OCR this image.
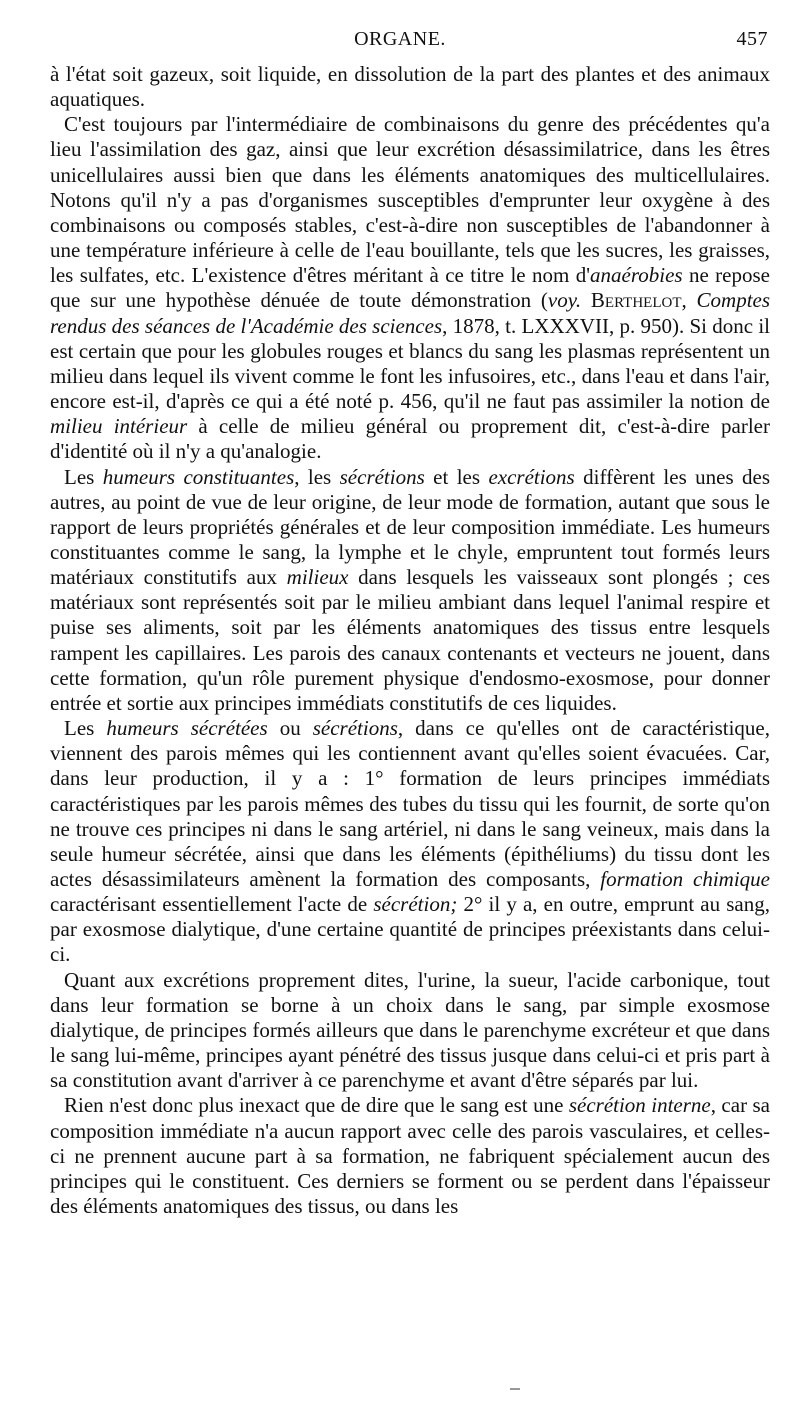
ORGANE.	457

à l'état soit gazeux, soit liquide, en dissolution de la part des plantes et des animaux aquatiques.

C'est toujours par l'intermédiaire de combinaisons du genre des précédentes qu'a lieu l'assimilation des gaz, ainsi que leur excrétion désassimilatrice, dans les êtres unicellulaires aussi bien que dans les éléments anatomiques des multicellulaires. Notons qu'il n'y a pas d'organismes susceptibles d'emprunter leur oxygène à des combinaisons ou composés stables, c'est-à-dire non susceptibles de l'abandonner à une température inférieure à celle de l'eau bouillante, tels que les sucres, les graisses, les sulfates, etc. L'existence d'êtres méritant à ce titre le nom d'anaérobies ne repose que sur une hypothèse dénuée de toute démonstration (voy. Berthelot, Comptes rendus des séances de l'Académie des sciences, 1878, t. LXXXVII, p. 950). Si donc il est certain que pour les globules rouges et blancs du sang les plasmas représentent un milieu dans lequel ils vivent comme le font les infusoires, etc., dans l'eau et dans l'air, encore est-il, d'après ce qui a été noté p. 456, qu'il ne faut pas assimiler la notion de milieu intérieur à celle de milieu général ou proprement dit, c'est-à-dire parler d'identité où il n'y a qu'analogie.

Les humeurs constituantes, les sécrétions et les excrétions diffèrent les unes des autres, au point de vue de leur origine, de leur mode de formation, autant que sous le rapport de leurs propriétés générales et de leur composition immédiate. Les humeurs constituantes comme le sang, la lymphe et le chyle, empruntent tout formés leurs matériaux constitutifs aux milieux dans lesquels les vaisseaux sont plongés ; ces matériaux sont représentés soit par le milieu ambiant dans lequel l'animal respire et puise ses aliments, soit par les éléments anatomiques des tissus entre lesquels rampent les capillaires. Les parois des canaux contenants et vecteurs ne jouent, dans cette formation, qu'un rôle purement physique d'endosmo-exosmose, pour donner entrée et sortie aux principes immédiats constitutifs de ces liquides.

Les humeurs sécrétées ou sécrétions, dans ce qu'elles ont de caractéristique, viennent des parois mêmes qui les contiennent avant qu'elles soient évacuées. Car, dans leur production, il y a : 1° formation de leurs principes immédiats caractéristiques par les parois mêmes des tubes du tissu qui les fournit, de sorte qu'on ne trouve ces principes ni dans le sang artériel, ni dans le sang veineux, mais dans la seule humeur sécrétée, ainsi que dans les éléments (épithéliums) du tissu dont les actes désassimilateurs amènent la formation des composants, formation chimique caractérisant essentiellement l'acte de sécrétion; 2° il y a, en outre, emprunt au sang, par exosmose dialytique, d'une certaine quantité de principes préexistants dans celui-ci.

Quant aux excrétions proprement dites, l'urine, la sueur, l'acide carbonique, tout dans leur formation se borne à un choix dans le sang, par simple exosmose dialytique, de principes formés ailleurs que dans le parenchyme excréteur et que dans le sang lui-même, principes ayant pénétré des tissus jusque dans celui-ci et pris part à sa constitution avant d'arriver à ce parenchyme et avant d'être séparés par lui.

Rien n'est donc plus inexact que de dire que le sang est une sécrétion interne, car sa composition immédiate n'a aucun rapport avec celle des parois vasculaires, et celles-ci ne prennent aucune part à sa formation, ne fabriquent spécialement aucun des principes qui le constituent. Ces derniers se forment ou se perdent dans l'épaisseur des éléments anatomiques des tissus, ou dans les
